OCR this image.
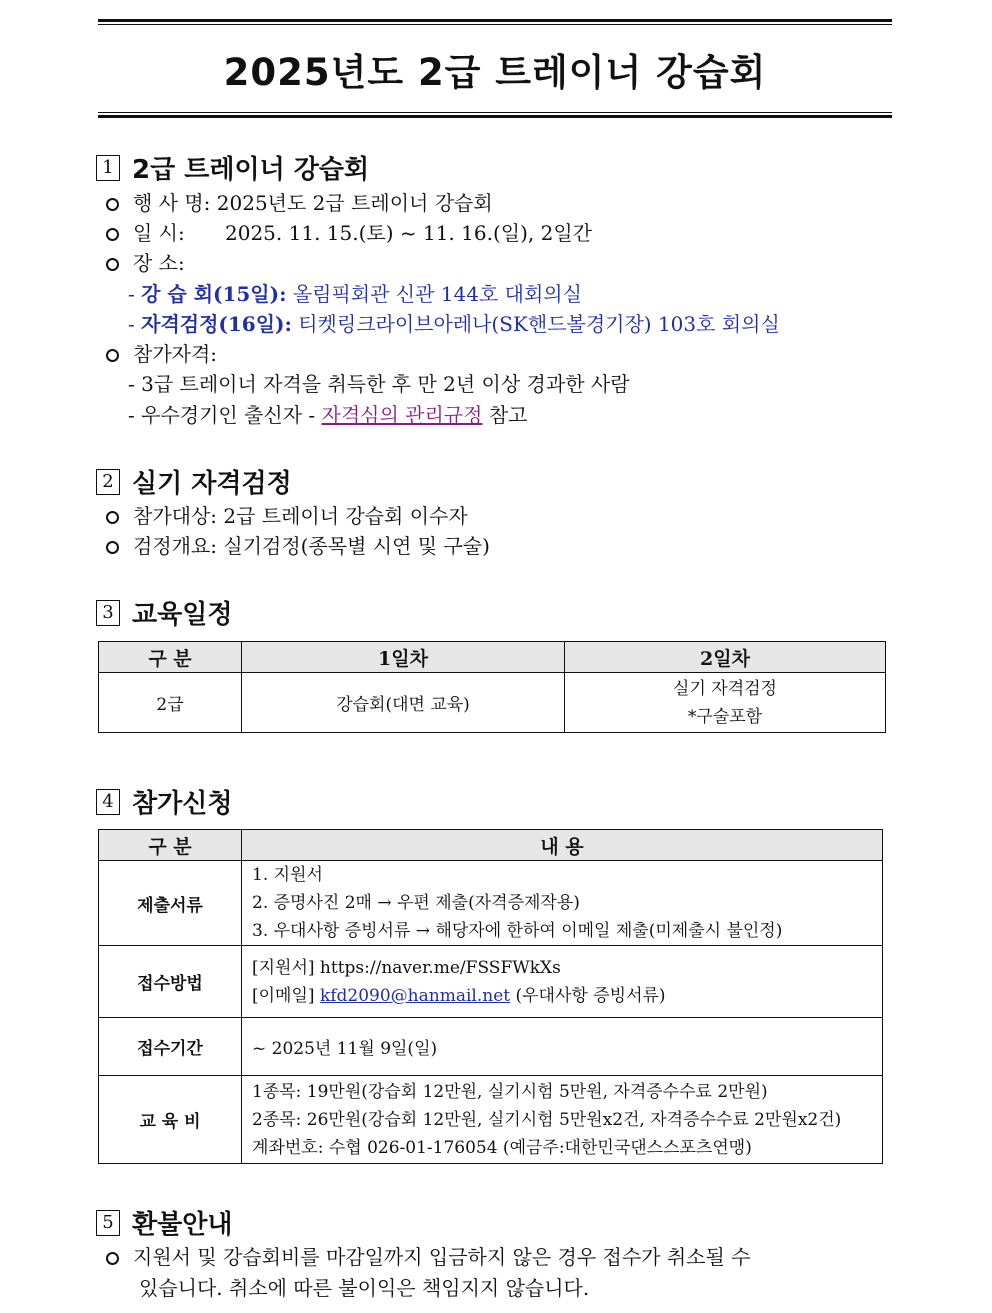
2025년도 2급 트레이너 강습회
1 2급 트레이너 강습회
행 사 명: 2025년도 2급 트레이너 강습회
일 시: 2025. 11. 15.(토) ~ 11. 16.(일), 2일간
장 소:
- 강 습 회(15일): 올림픽회관 신관 144호 대회의실
- 자격검정(16일): 티켓링크라이브아레나(SK핸드볼경기장) 103호 회의실
참가자격:
- 3급 트레이너 자격을 취득한 후 만 2년 이상 경과한 사람
- 우수경기인 출신자 - 자격심의 관리규정 참고
2 실기 자격검정
참가대상: 2급 트레이너 강습회 이수자
검정개요: 실기검정(종목별 시연 및 구술)
3 교육일정
구 분	1일차	2일차
2급	강습회(대면 교육)	실기 자격검정
*구술포함
4 참가신청
구 분	내 용
제출서류	1. 지원서
2. 증명사진 2매 → 우편 제출(자격증제작용)
3. 우대사항 증빙서류 → 해당자에 한하여 이메일 제출(미제출시 불인정)

접수방법	[지원서] https://naver.me/FSSFWkXs
[이메일] kfd2090@hanmail.net (우대사항 증빙서류)

접수기간	~ 2025년 11월 9일(일)
교 육 비	1종목: 19만원(강습회 12만원, 실기시험 5만원, 자격증수수료 2만원)
2종목: 26만원(강습회 12만원, 실기시험 5만원x2건, 자격증수수료 2만원x2건)
계좌번호: 수협 026-01-176054 (예금주:대한민국댄스스포츠연맹)
5 환불안내
지원서 및 강습회비를 마감일까지 입금하지 않은 경우 접수가 취소될 수
있습니다. 취소에 따른 불이익은 책임지지 않습니다.
